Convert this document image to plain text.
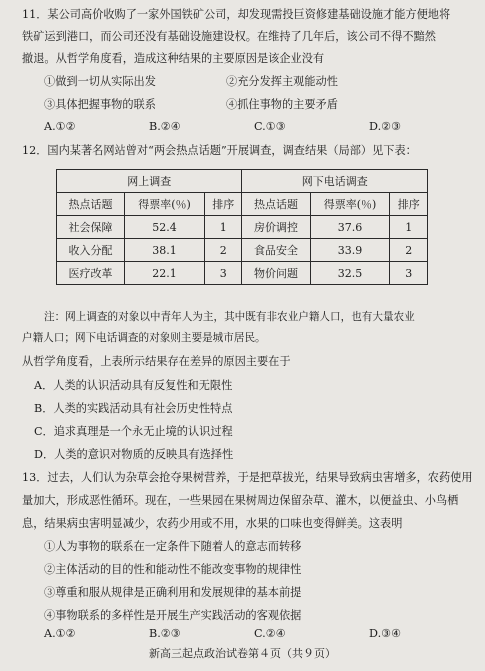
11．某公司高价收购了一家外国铁矿公司，却发现需投巨资修建基础设施才能方便地将
铁矿运到港口，而公司还没有基础设施建设权。在维持了几年后，该公司不得不黯然
撤退。从哲学角度看，造成这种结果的主要原因是该企业没有
①做到一切从实际出发	②充分发挥主观能动性
③具体把握事物的联系	④抓住事物的主要矛盾
A.①②	B.②④	C.①③	D.②③
12．国内某著名网站曾对“两会热点话题”开展调查，调查结果（局部）见下表：
网上调查			网下电话调查		
热点话题	得票率(％)	排序	热点话题	得票率(％)	排序
社会保障	52.4	1	房价调控	37.6	1
收入分配	38.1	2	食品安全	33.9	2
医疗改革	22.1	3	物价问题	32.5	3
注：网上调查的对象以中青年人为主，其中既有非农业户籍人口，也有大量农业
户籍人口；网下电话调查的对象则主要是城市居民。
从哲学角度看，上表所示结果存在差异的原因主要在于
A．人类的认识活动具有反复性和无限性
B．人类的实践活动具有社会历史性特点
C．追求真理是一个永无止境的认识过程
D．人类的意识对物质的反映具有选择性
13．过去，人们认为杂草会抢夺果树营养，于是把草拔光，结果导致病虫害增多，农药使用
量加大，形成恶性循环。现在，一些果园在果树周边保留杂草、灌木，以便益虫、小鸟栖
息，结果病虫害明显减少，农药少用或不用，水果的口味也变得鲜美。这表明
①人为事物的联系在一定条件下随着人的意志而转移
②主体活动的目的性和能动性不能改变事物的规律性
③尊重和服从规律是正确利用和发展规律的基本前提
④事物联系的多样性是开展生产实践活动的客观依据
A.①②	B.②③	C.②④	D.③④
新高三起点政治试卷第４页（共９页）
